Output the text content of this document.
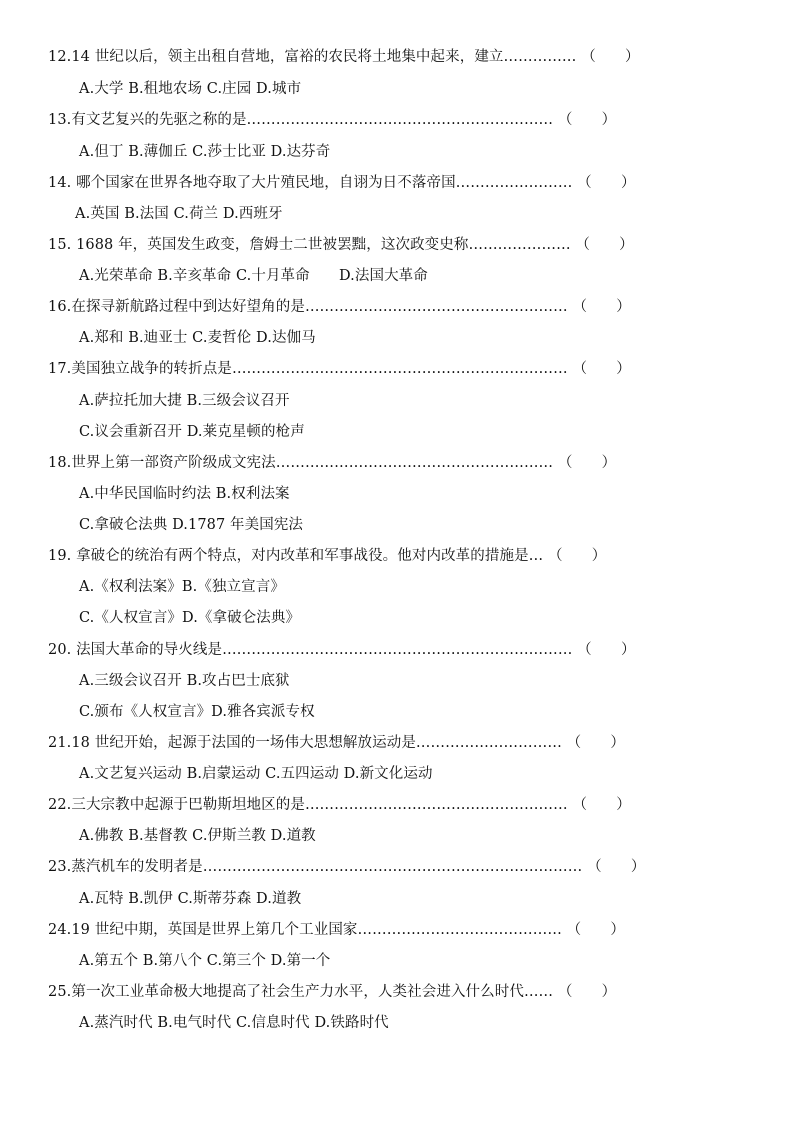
12.14 世纪以后，领主出租自营地，富裕的农民将土地集中起来，建立…………… （　　）
A.大学 B.租地农场 C.庄园 D.城市
13.有文艺复兴的先驱之称的是……………………………………………………… （　　）
A.但丁 B.薄伽丘 C.莎士比亚 D.达芬奇
14. 哪个国家在世界各地夺取了大片殖民地，自诩为日不落帝国…………………… （　　）
A.英国 B.法国 C.荷兰 D.西班牙
15. 1688 年，英国发生政变，詹姆士二世被罢黜，这次政变史称………………… （　　）
A.光荣革命 B.辛亥革命 C.十月革命　　D.法国大革命
16.在探寻新航路过程中到达好望角的是……………………………………………… （　　）
A.郑和 B.迪亚士 C.麦哲伦 D.达伽马
17.美国独立战争的转折点是…………………………………………………………… （　　）
A.萨拉托加大捷 B.三级会议召开
C.议会重新召开 D.莱克星顿的枪声
18.世界上第一部资产阶级成文宪法………………………………………………… （　　）
A.中华民国临时约法 B.权利法案
C.拿破仑法典 D.1787 年美国宪法
19. 拿破仑的统治有两个特点，对内改革和军事战役。他对内改革的措施是… （　　）
A.《权利法案》B.《独立宣言》
C.《人权宣言》D.《拿破仑法典》
20. 法国大革命的导火线是……………………………………………………………… （　　）
A.三级会议召开 B.攻占巴士底狱
C.颁布《人权宣言》D.雅各宾派专权
21.18 世纪开始，起源于法国的一场伟大思想解放运动是………………………… （　　）
A.文艺复兴运动 B.启蒙运动 C.五四运动 D.新文化运动
22.三大宗教中起源于巴勒斯坦地区的是……………………………………………… （　　）
A.佛教 B.基督教 C.伊斯兰教 D.道教
23.蒸汽机车的发明者是…………………………………………………………………… （　　）
A.瓦特 B.凯伊 C.斯蒂芬森 D.道教
24.19 世纪中期，英国是世界上第几个工业国家…………………………………… （　　）
A.第五个 B.第八个 C.第三个 D.第一个
25.第一次工业革命极大地提高了社会生产力水平，人类社会进入什么时代…… （　　）
A.蒸汽时代 B.电气时代 C.信息时代 D.铁路时代
